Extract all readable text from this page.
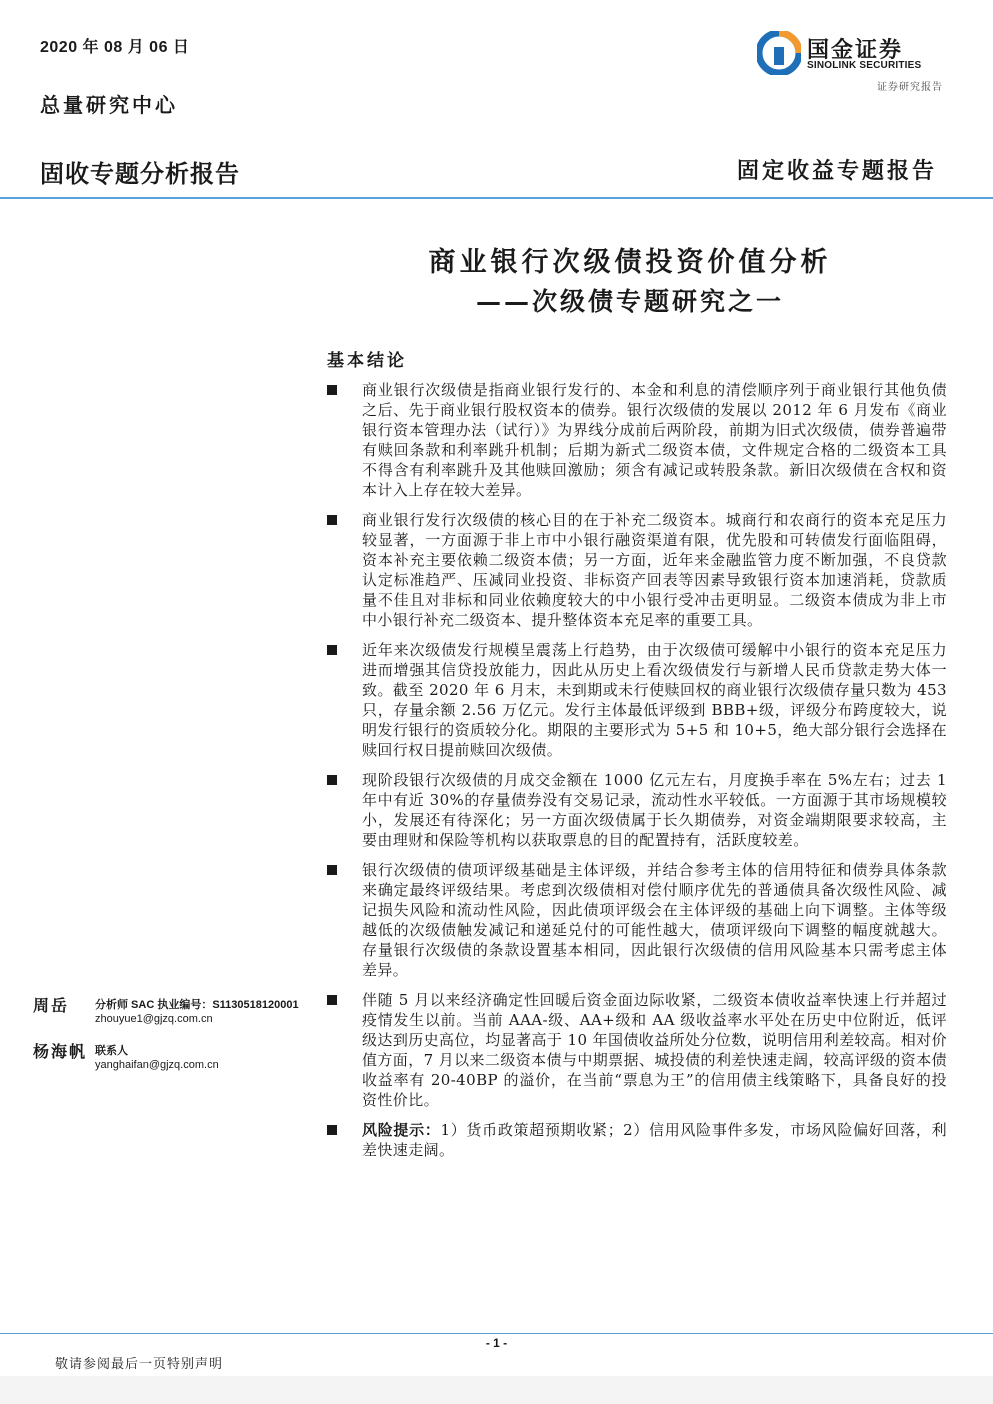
2020 年 08 月 06 日
总量研究中心
固收专题分析报告	固定收益专题报告
国金证券
SINOLINK SECURITIES
证券研究报告
商业银行次级债投资价值分析
——次级债专题研究之一
基本结论
商业银行次级债是指商业银行发行的、本金和利息的清偿顺序列于商业银行其他负债之后、先于商业银行股权资本的债券。银行次级债的发展以 2012 年 6 月发布《商业银行资本管理办法（试行）》为界线分成前后两阶段，前期为旧式次级债，债券普遍带有赎回条款和利率跳升机制；后期为新式二级资本债，文件规定合格的二级资本工具不得含有利率跳升及其他赎回激励；须含有减记或转股条款。新旧次级债在含权和资本计入上存在较大差异。
商业银行发行次级债的核心目的在于补充二级资本。城商行和农商行的资本充足压力较显著，一方面源于非上市中小银行融资渠道有限，优先股和可转债发行面临阻碍，资本补充主要依赖二级资本债；另一方面，近年来金融监管力度不断加强，不良贷款认定标准趋严、压减同业投资、非标资产回表等因素导致银行资本加速消耗，贷款质量不佳且对非标和同业依赖度较大的中小银行受冲击更明显。二级资本债成为非上市中小银行补充二级资本、提升整体资本充足率的重要工具。
近年来次级债发行规模呈震荡上行趋势，由于次级债可缓解中小银行的资本充足压力进而增强其信贷投放能力，因此从历史上看次级债发行与新增人民币贷款走势大体一致。截至 2020 年 6 月末，未到期或未行使赎回权的商业银行次级债存量只数为 453 只，存量余额 2.56 万亿元。发行主体最低评级到 BBB+级，评级分布跨度较大，说明发行银行的资质较分化。期限的主要形式为 5+5 和 10+5，绝大部分银行会选择在赎回行权日提前赎回次级债。
现阶段银行次级债的月成交金额在 1000 亿元左右，月度换手率在 5%左右；过去 1 年中有近 30%的存量债券没有交易记录，流动性水平较低。一方面源于其市场规模较小，发展还有待深化；另一方面次级债属于长久期债券，对资金端期限要求较高，主要由理财和保险等机构以获取票息的目的配置持有，活跃度较差。
银行次级债的债项评级基础是主体评级，并结合参考主体的信用特征和债券具体条款来确定最终评级结果。考虑到次级债相对偿付顺序优先的普通债具备次级性风险、减记损失风险和流动性风险，因此债项评级会在主体评级的基础上向下调整。主体等级越低的次级债触发减记和递延兑付的可能性越大，债项评级向下调整的幅度就越大。存量银行次级债的条款设置基本相同，因此银行次级债的信用风险基本只需考虑主体差异。
伴随 5 月以来经济确定性回暖后资金面边际收紧，二级资本债收益率快速上行并超过疫情发生以前。当前 AAA-级、AA+级和 AA 级收益率水平处在历史中位附近，低评级达到历史高位，均显著高于 10 年国债收益所处分位数，说明信用利差较高。相对价值方面，7 月以来二级资本债与中期票据、城投债的利差快速走阔，较高评级的资本债收益率有 20-40BP 的溢价，在当前“票息为王”的信用债主线策略下，具备良好的投资性价比。
风险提示：1）货币政策超预期收紧；2）信用风险事件多发，市场风险偏好回落，利差快速走阔。
周岳	分析师 SAC 执业编号：S1130518120001
zhouyue1@gjzq.com.cn
杨海帆 联系人
yanghaifan@gjzq.com.cn
- 1 -
敬请参阅最后一页特别声明
